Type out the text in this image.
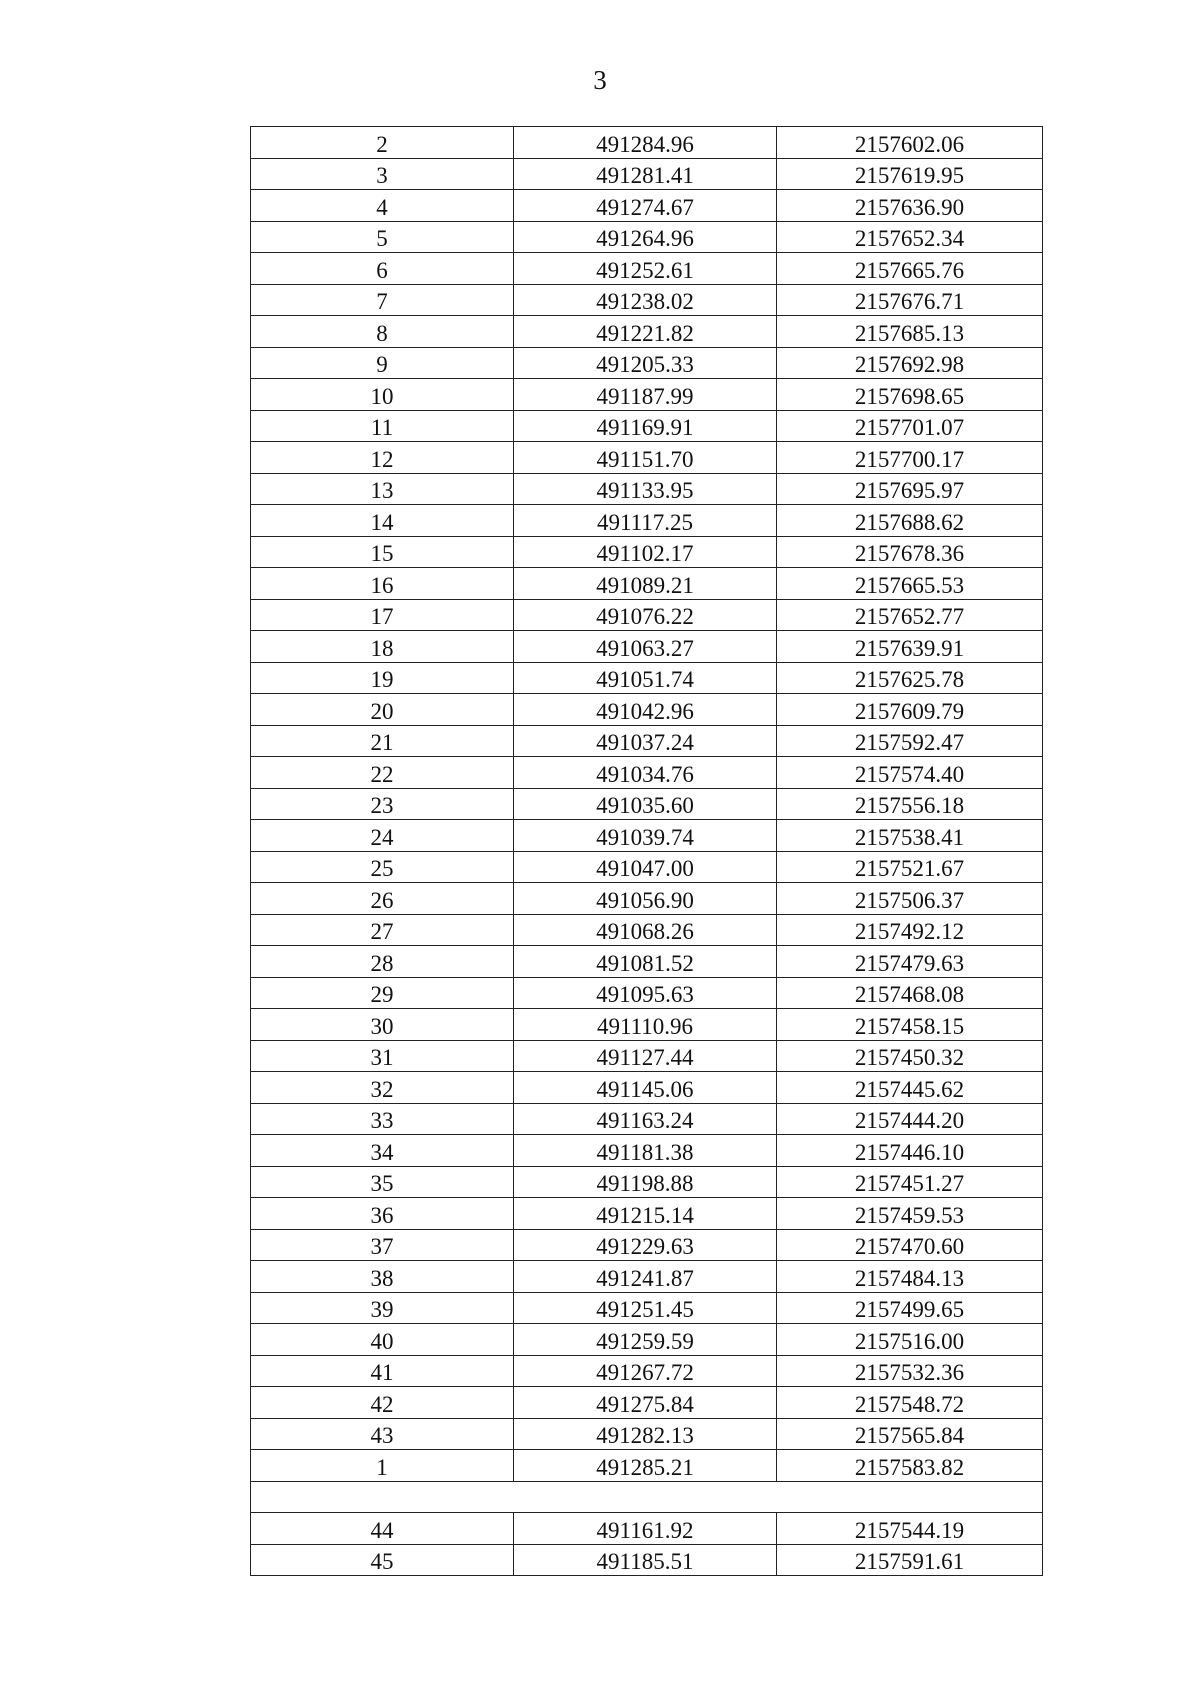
3
2	491284.96	2157602.06
3	491281.41	2157619.95
4	491274.67	2157636.90
5	491264.96	2157652.34
6	491252.61	2157665.76
7	491238.02	2157676.71
8	491221.82	2157685.13
9	491205.33	2157692.98
10	491187.99	2157698.65
11	491169.91	2157701.07
12	491151.70	2157700.17
13	491133.95	2157695.97
14	491117.25	2157688.62
15	491102.17	2157678.36
16	491089.21	2157665.53
17	491076.22	2157652.77
18	491063.27	2157639.91
19	491051.74	2157625.78
20	491042.96	2157609.79
21	491037.24	2157592.47
22	491034.76	2157574.40
23	491035.60	2157556.18
24	491039.74	2157538.41
25	491047.00	2157521.67
26	491056.90	2157506.37
27	491068.26	2157492.12
28	491081.52	2157479.63
29	491095.63	2157468.08
30	491110.96	2157458.15
31	491127.44	2157450.32
32	491145.06	2157445.62
33	491163.24	2157444.20
34	491181.38	2157446.10
35	491198.88	2157451.27
36	491215.14	2157459.53
37	491229.63	2157470.60
38	491241.87	2157484.13
39	491251.45	2157499.65
40	491259.59	2157516.00
41	491267.72	2157532.36
42	491275.84	2157548.72
43	491282.13	2157565.84
1	491285.21	2157583.82

44	491161.92	2157544.19
45	491185.51	2157591.61
